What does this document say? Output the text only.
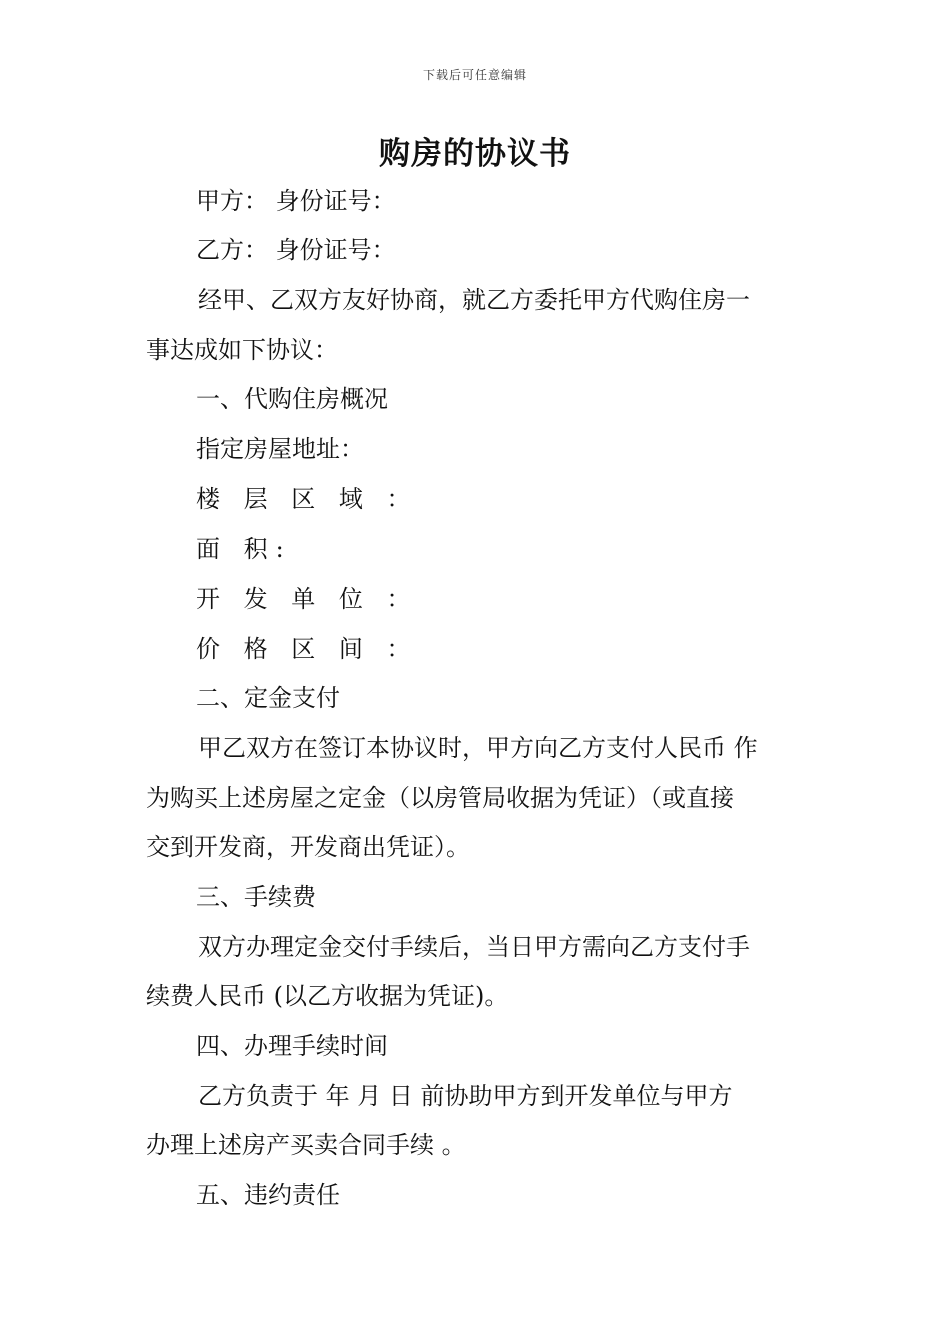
下载后可任意编辑
购房的协议书

甲方： 身份证号：

乙方： 身份证号：

经甲、乙双方友好协商，就乙方委托甲方代购住房一

事达成如下协议：

一、代购住房概况

指定房屋地址：

楼 层 区 域 ：

面 积:

开 发 单 位 ：

价 格 区 间 ：

二、定金支付

甲乙双方在签订本协议时，甲方向乙方支付人民币 作

为购买上述房屋之定金（以房管局收据为凭证）（或直接

交到开发商，开发商出凭证）。

三、手续费

双方办理定金交付手续后，当日甲方需向乙方支付手

续费人民币 (以乙方收据为凭证)。

四、办理手续时间

乙方负责于 年 月 日 前协助甲方到开发单位与甲方

办理上述房产买卖合同手续 。

五、违约责任
